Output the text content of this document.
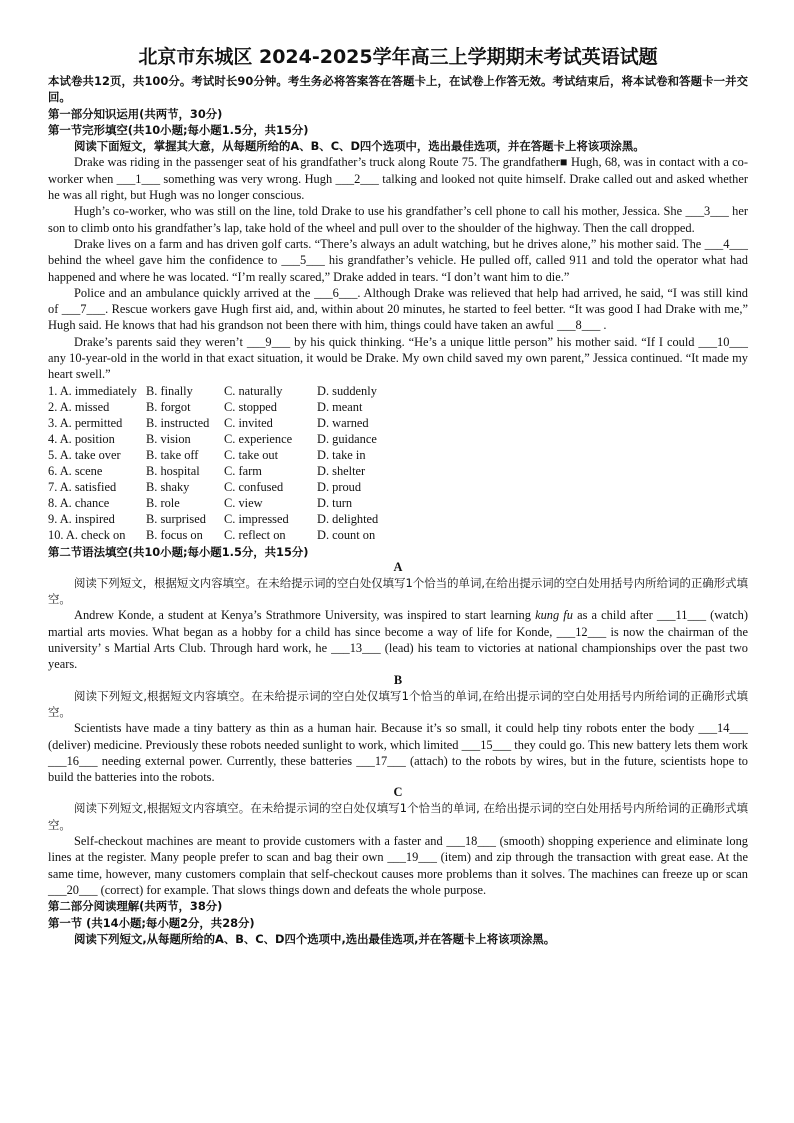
北京市东城区 2024-2025学年高三上学期期末考试英语试题

本试卷共12页，共100分。考试时长90分钟。考生务必将答案答在答题卡上，在试卷上作答无效。考试结束后，将本试卷和答题卡一并交回。

第一部分知识运用(共两节，30分)

第一节完形填空(共10小题;每小题1.5分，共15分)

阅读下面短文，掌握其大意，从每题所给的A、B、C、D四个选项中，选出最佳选项，并在答题卡上将该项涂黑。

Drake was riding in the passenger seat of his grandfather’s truck along Route 75. The grandfather■ Hugh, 68, was in contact with a co-worker when ___1___ something was very wrong. Hugh ___2___ talking and looked not quite himself. Drake called out and asked whether he was all right, but Hugh was no longer conscious.

Hugh’s co-worker, who was still on the line, told Drake to use his grandfather’s cell phone to call his mother, Jessica. She ___3___ her son to climb onto his grandfather’s lap, take hold of the wheel and pull over to the shoulder of the highway. Then the call dropped.

Drake lives on a farm and has driven golf carts. “There’s always an adult watching, but he drives alone,” his mother said. The ___4___ behind the wheel gave him the confidence to ___5___ his grandfather’s vehicle. He pulled off, called 911 and told the operator what had happened and where he was located. “I’m really scared,” Drake added in tears. “I don’t want him to die.”

Police and an ambulance quickly arrived at the ___6___. Although Drake was relieved that help had arrived, he said, “I was still kind of ___7___. Rescue workers gave Hugh first aid, and, within about 20 minutes, he started to feel better. “It was good I had Drake with me,” Hugh said. He knows that had his grandson not been there with him, things could have taken an awful ___8___ .

Drake’s parents said they weren’t ___9___ by his quick thinking. “He’s a unique little person” his mother said. “If I could ___10___ any 10-year-old in the world in that exact situation, it would be Drake. My own child saved my own parent,” Jessica continued. “It made my heart swell.”

1. A. immediately B. finally	C. naturally	D. suddenly
2. A. missed	B. forgot	C. stopped	D. meant
3. A. permitted B. instructed C. invited	D. warned
4. A. position	B. vision	C. experience D. guidance
5. A. take over B. take off C. take out	D. take in
6. A. scene	B. hospital C. farm	D. shelter
7. A. satisfied B. shaky	C. confused	D. proud
8. A. chance	B. role	C. view	D. turn
9. A. inspired	B. surprised C. impressed D. delighted
10. A. check on B. focus on C. reflect on	D. count on

第二节语法填空(共10小题;每小题1.5分，共15分)

A

阅读下列短文，根据短文内容填空。在未给提示词的空白处仅填写1个恰当的单词,在给出提示词的空白处用括号内所给词的正确形式填空。

Andrew Konde, a student at Kenya’s Strathmore University, was inspired to start learning kung fu as a child after ___11___ (watch) martial arts movies. What began as a hobby for a child has since become a way of life for Konde, ___12___ is now the chairman of the university’ s Martial Arts Club. Through hard work, he ___13___ (lead) his team to victories at national championships over the past two years.

B

阅读下列短文,根据短文内容填空。在未给提示词的空白处仅填写1个恰当的单词,在给出提示词的空白处用括号内所给词的正确形式填空。

Scientists have made a tiny battery as thin as a human hair. Because it’s so small, it could help tiny robots enter the body ___14___ (deliver) medicine. Previously these robots needed sunlight to work, which limited ___15___ they could go. This new battery lets them work ___16___ needing external power. Currently, these batteries ___17___ (attach) to the robots by wires, but in the future, scientists hope to build the batteries into the robots.

C

阅读下列短文,根据短文内容填空。在未给提示词的空白处仅填写1个恰当的单词, 在给出提示词的空白处用括号内所给词的正确形式填空。

Self-checkout machines are meant to provide customers with a faster and ___18___ (smooth) shopping experience and eliminate long lines at the register. Many people prefer to scan and bag their own ___19___ (item) and zip through the transaction with great ease. At the same time, however, many customers complain that self-checkout causes more problems than it solves. The machines can freeze up or scan ___20___ (correct) for example. That slows things down and defeats the whole purpose.

第二部分阅读理解(共两节，38分)

第一节 (共14小题;每小题2分，共28分)

阅读下列短文,从每题所给的A、B、C、D四个选项中,选出最佳选项,并在答题卡上将该项涂黑。
